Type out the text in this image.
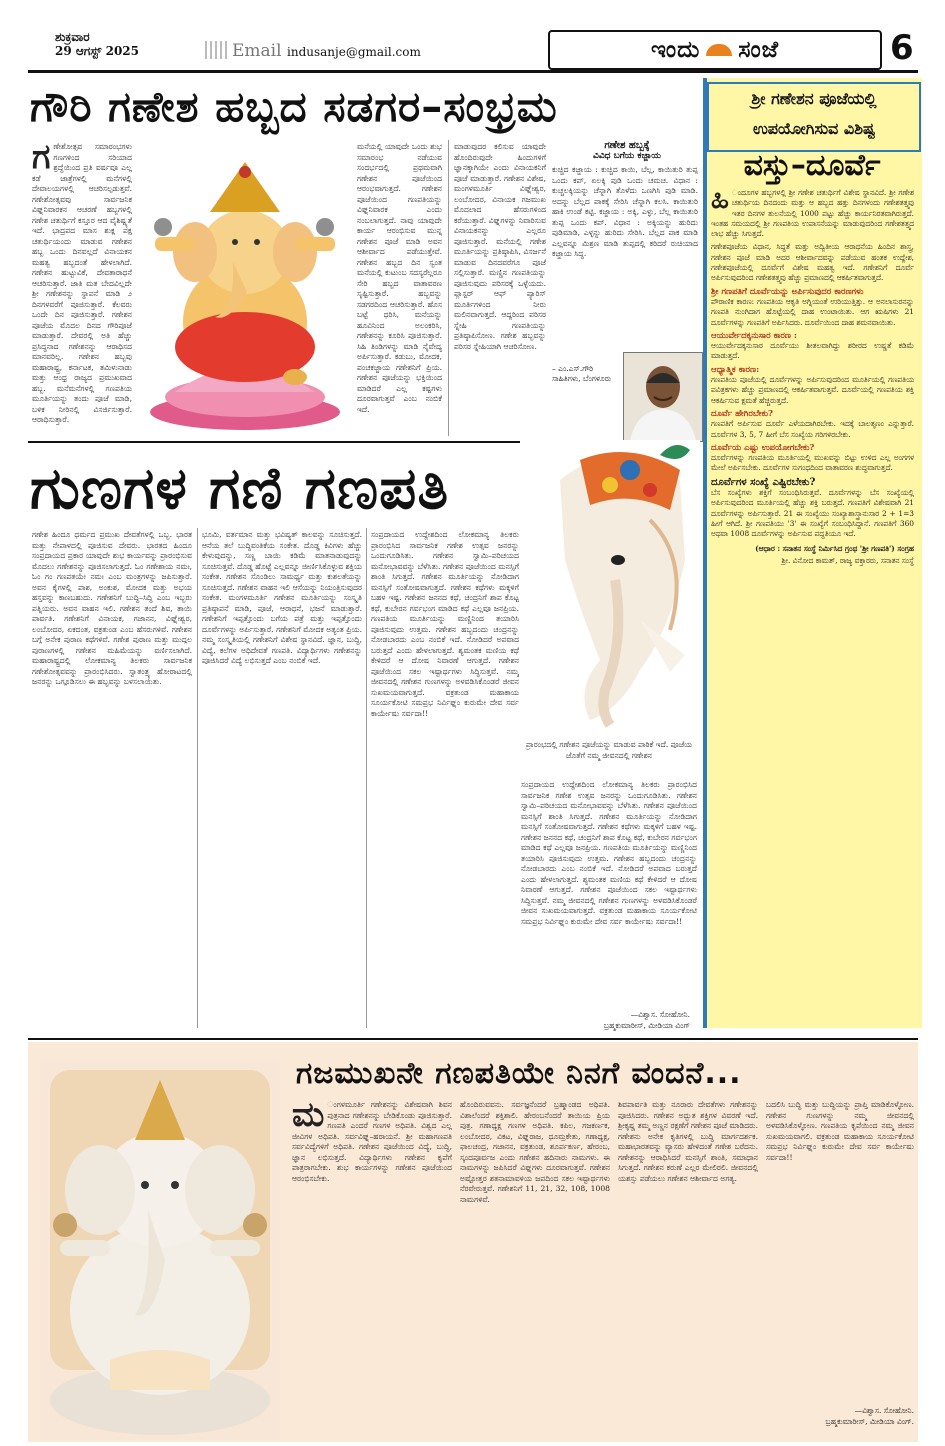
ಶುಕ್ರವಾರ
29 ಆಗಸ್ಟ್ 2025	Email indusanje@gmail.com	ಇಂದು ಸಂಜೆ	6
ಗೌರಿ ಗಣೇಶ ಹಬ್ಬದ ಸಡಗರ–ಸಂಭ್ರಮ
ಗಣೇಶೋತ್ಸವ ಸಮಾರಂಭಗಳು ಗಣಗಳಿಂದ ಸರಿಯಾದ ಶ್ರದ್ಧೆಯಿಂದ ಪ್ರತಿ ವರ್ಷವೂ ಎಲ್ಲ ಕಡೆ ಜಾತ್ರೆಗಳಲ್ಲಿ ಮನೆಗಳಲ್ಲಿ ದೇವಾಲಯಗಳಲ್ಲಿ ಆಚರಿಸಲ್ಪಡುತ್ತವೆ. ಗಣೇಶೋತ್ಸವವು ಸಾರ್ವಜನಿಕ ವಿಘ್ನನಿವಾರಕನ ಆಚರಣೆ ಹಬ್ಬಗಳಲ್ಲಿ ಗಣೇಶ ಚತುರ್ಥಿಗೆ ಕಸ್ತೂರ ಆದ ವೈಶಿಷ್ಟ್ಯತೆ ಇದೆ. ಭಾದ್ರಪದ ಮಾಸ ಶುಕ್ಲ ಪಕ್ಷ ಚತುರ್ಥಿಯಂದು ಮಾಡುವ ಗಣೇಶನ ಹಬ್ಬ ಒಂದು ದಿನವಲ್ಲದೆ ವಿನಾಯಕನ ಮಹತ್ವ ಹಬ್ಬದಂತೆ ಹೇಳಲಾಗಿದೆ. ಗಣೇಶನ ಹುಟ್ಟುವಿಕೆ, ದೇವತಾರಾಧನೆ ಆಚರಿಸುತ್ತಾರೆ. ಜಾತಿ ಮತ ಬೇದವಿಲ್ಲದೇ ಶ್ರೀ ಗಣೇಶನನ್ನು ಸ್ಥಾಪನೆ ಮಾಡಿ ೨ ದಿನಗಳವರೆಗೆ ಪೂಜಿಸುತ್ತಾರೆ. ಕೆಲವರು ಒಂದೇ ದಿನ ಪೂಜಿಸುತ್ತಾರೆ. ಗಣೇಶನ ಪೂಜೆಯ ಮೊದಲ ದಿನದ ಗೌರಿಪೂಜೆ ಮಾಡುತ್ತಾರೆ. ದೇವರಲ್ಲಿ ಅತಿ ಹೆಚ್ಚು ಪ್ರಸಿದ್ಧನಾದ ಗಣೇಶನನ್ನು ಆರಾಧಿಸದ ಮಾನವರಿಲ್ಲ. ಗಣೇಶನ ಹಬ್ಬವು ಮಹಾರಾಷ್ಟ್ರ, ಕರ್ನಾಟಕ, ತಮಿಳುನಾಡು ಮತ್ತು ಆಂಧ್ರ ರಾಜ್ಯದ ಪ್ರಮುಖವಾದ ಹಬ್ಬ. ಮನೆಮನೆಗಳಲ್ಲಿ ಗಣಪತಿಯ ಮೂರ್ತಿಯನ್ನು ತಂದು ಪೂಜೆ ಮಾಡಿ, ಬಳಿಕ ನೀರಿನಲ್ಲಿ ವಿಸರ್ಜಿಸುತ್ತಾರೆ. ಆರಾಧಿಸುತ್ತಾರೆ.
ಮನೆಯಲ್ಲಿ ಯಾವುದೇ ಒಂದು ಶುಭ ಸಮಾರಂಭ ನಡೆಯುವ ಸಂದರ್ಭದಲ್ಲಿ ಪ್ರಥಮವಾಗಿ ಗಣೇಶನ ಪೂಜೆಯಿಂದ ಆರಂಭವಾಗುತ್ತದೆ. ಗಣೇಶನ ಪೂಜೆಯಿಂದ ಗಣಪತಿಯನ್ನು ವಿಘ್ನನಿವಾರಕ ಎಂದು ನಂಬಲಾಗುತ್ತದೆ. ನಾವು ಯಾವುದೇ ಕಾರ್ಯ ಆರಂಭಿಸುವ ಮುನ್ನ ಗಣೇಶನ ಪೂಜೆ ಮಾಡಿ ಅವನ ಆಶೀರ್ವಾದ ಪಡೆಯುತ್ತೇವೆ. ಗಣೇಶನ ಹಬ್ಬದ ದಿನ ಸ್ವಂತ ಮನೆಯಲ್ಲಿ ಕುಟುಂಬ ಸದಸ್ಯರೆಲ್ಲರೂ ಸೇರಿ ಹಬ್ಬದ ವಾತಾವರಣ ಸೃಷ್ಟಿಸುತ್ತಾರೆ. ಹಬ್ಬವನ್ನು ಸಡಗರದಿಂದ ಆಚರಿಸುತ್ತಾರೆ. ಹೊಸ ಬಟ್ಟೆ ಧರಿಸಿ, ಮನೆಯನ್ನು ಹೂವಿನಿಂದ ಅಲಂಕರಿಸಿ, ಗಣೇಶನನ್ನು ಕೂರಿಸಿ ಪೂಜಿಸುತ್ತಾರೆ. ಸಿಹಿ ತಿಂಡಿಗಳನ್ನು ಮಾಡಿ ನೈವೇದ್ಯ ಅರ್ಪಿಸುತ್ತಾರೆ. ಕಡುಬು, ಮೋದಕ, ಪಂಚಕಜ್ಜಾಯ ಗಣೇಶನಿಗೆ ಪ್ರಿಯ. ಗಣೇಶನ ಪೂಜೆಯನ್ನು ಭಕ್ತಿಯಿಂದ ಮಾಡಿದರೆ ಎಲ್ಲ ಕಷ್ಟಗಳು ದೂರವಾಗುತ್ತವೆ ಎಂಬ ನಂಬಿಕೆ ಇದೆ.
ಮಾಡುವುದರ ಕಲಿಸುವ ಯಾವುದೇ ಹೊಂದಿರುವುದೇ ಹಿಂದುಗಳಿಗೆ ಜ್ಞಾನಕ್ಕಾಗಿಯೇ ಎಂದು ವಿನಾಯಕನಿಗೆ ಪೂಜೆ ಮಾಡುತ್ತಾರೆ. ಗಣೇಶನ ವಿಶೇಷ, ಮಂಗಳಮೂರ್ತಿ ವಿಘ್ನೇಶ್ವರ, ಲಂಬೋದರ, ವಿನಾಯಕ ಗಜಮುಖ ಮೊದಲಾದ ಹೆಸರುಗಳಿಂದ ಕರೆಯುತ್ತಾರೆ. ವಿಘ್ನಗಳನ್ನು ನಿವಾರಿಸುವ ವಿನಾಯಕನನ್ನು ಎಲ್ಲರೂ ಪೂಜಿಸುತ್ತಾರೆ. ಮನೆಯಲ್ಲಿ ಗಣೇಶ ಮೂರ್ತಿಯನ್ನು ಪ್ರತಿಷ್ಠಾಪಿಸಿ, ವಿಸರ್ಜನೆ ಮಾಡುವ ದಿನದವರೆಗೂ ಪೂಜೆ ಸಲ್ಲಿಸುತ್ತಾರೆ. ಮಣ್ಣಿನ ಗಣಪತಿಯನ್ನು ಪೂಜಿಸುವುದು ಪರಿಸರಕ್ಕೆ ಒಳ್ಳೆಯದು. ಪ್ಲಾಸ್ಟರ್ ಆಫ್ ಪ್ಯಾರಿಸ್ ಮೂರ್ತಿಗಳಿಂದ ನೀರು ಮಲಿನವಾಗುತ್ತದೆ. ಆದ್ದರಿಂದ ಪರಿಸರ ಸ್ನೇಹಿ ಗಣಪತಿಯನ್ನು ಪ್ರತಿಷ್ಠಾಪಿಸೋಣ. ಗಣೇಶ ಹಬ್ಬವನ್ನು ಪರಿಸರ ಸ್ನೇಹಿಯಾಗಿ ಆಚರಿಸೋಣ.
ಗಣೇಶ ಹಬ್ಬಕ್ಕೆ
ವಿವಿಧ ಬಗೆಯ ಕಜ್ಜಾಯ
ಕುಚ್ಚಿದ ಕಜ್ಜಾಯ : ಕುಚ್ಚಿದ ಕಾಯಿ, ಬೆಲ್ಲ, ಕಾಯಿತುರಿ ತುಪ್ಪ ಒಂದು ಕಪ್, ಏಲಕ್ಕಿ ಪುಡಿ ಒಂದು ಚಮಚ. ವಿಧಾನ : ಕುಚ್ಚಲಕ್ಕಿಯನ್ನು ಚೆನ್ನಾಗಿ ತೊಳೆದು ಒಣಗಿಸಿ ಪುಡಿ ಮಾಡಿ. ಅದನ್ನು ಬೆಲ್ಲದ ಪಾಕಕ್ಕೆ ಸೇರಿಸಿ ಚೆನ್ನಾಗಿ ಕಲಸಿ. ಕಾಯಿತುರಿ ಹಾಕಿ ಉಂಡೆ ಕಟ್ಟಿ. ಕಜ್ಜಾಯ : ಅಕ್ಕಿ, ಎಳ್ಳು, ಬೆಲ್ಲ ಕಾಯಿತುರಿ ತುಪ್ಪ ಒಂದು ಕಪ್. ವಿಧಾನ : ಅಕ್ಕಿಯನ್ನು ಹುರಿದು ಪುಡಿಮಾಡಿ, ಎಳ್ಳನ್ನು ಹುರಿದು ಸೇರಿಸಿ. ಬೆಲ್ಲದ ಪಾಕ ಮಾಡಿ ಎಲ್ಲವನ್ನೂ ಮಿಶ್ರಣ ಮಾಡಿ ತುಪ್ಪದಲ್ಲಿ ಕರಿದರೆ ರುಚಿಯಾದ ಕಜ್ಜಾಯ ಸಿದ್ಧ.
– ಎಂ.ಎಸ್.ಗೌರಿ
ಸಾಹಿತಿಗಳು, ಬೆಂಗಳೂರು
ಗುಣಗಳ ಗಣಿ ಗಣಪತಿ
ಗಣೇಶ ಹಿಂದೂ ಧರ್ಮದ ಪ್ರಮುಖ ದೇವತೆಗಳಲ್ಲಿ ಒಬ್ಬ. ಭಾರತ ಮತ್ತು ನೇಪಾಳದಲ್ಲಿ ಪೂಜಿಸುವ ದೇವರು. ಭಾರತದ ಹಿಂದೂ ಸಂಪ್ರದಾಯದ ಪ್ರಕಾರ ಯಾವುದೇ ಶುಭ ಕಾರ್ಯವನ್ನು ಪ್ರಾರಂಭಿಸುವ ಮೊದಲು ಗಣೇಶನನ್ನು ಪೂಜಿಸಲಾಗುತ್ತದೆ. ಓಂ ಗಣೇಶಾಯ ನಮಃ, ಓಂ ಗಂ ಗಣಪತಯೇ ನಮಃ ಎಂಬ ಮಂತ್ರಗಳನ್ನು ಜಪಿಸುತ್ತಾರೆ. ಅವನ ಕೈಗಳಲ್ಲಿ ಪಾಶ, ಅಂಕುಶ, ಮೋದಕ ಮತ್ತು ಅಭಯ ಹಸ್ತವನ್ನು ಕಾಣಬಹುದು. ಗಣೇಶನಿಗೆ ಬುದ್ಧಿ–ಸಿದ್ಧಿ ಎಂಬ ಇಬ್ಬರು ಪತ್ನಿಯರು. ಅವನ ವಾಹನ ಇಲಿ. ಗಣೇಶನ ತಂದೆ ಶಿವ, ತಾಯಿ ಪಾರ್ವತಿ. ಗಣೇಶನಿಗೆ ವಿನಾಯಕ, ಗಜಾನನ, ವಿಘ್ನೇಶ್ವರ, ಲಂಬೋದರ, ಏಕದಂತ, ವಕ್ರತುಂಡ ಎಂಬ ಹೆಸರುಗಳಿವೆ. ಗಣೇಶನ ಬಗ್ಗೆ ಅನೇಕ ಪುರಾಣ ಕಥೆಗಳಿವೆ. ಗಣೇಶ ಪುರಾಣ ಮತ್ತು ಮುದ್ಗಲ ಪುರಾಣಗಳಲ್ಲಿ ಗಣೇಶನ ಮಹಿಮೆಯನ್ನು ವರ್ಣಿಸಲಾಗಿದೆ. ಮಹಾರಾಷ್ಟ್ರದಲ್ಲಿ ಲೋಕಮಾನ್ಯ ತಿಲಕರು ಸಾರ್ವಜನಿಕ ಗಣೇಶೋತ್ಸವವನ್ನು ಪ್ರಾರಂಭಿಸಿದರು. ಸ್ವಾತಂತ್ರ್ಯ ಹೋರಾಟದಲ್ಲಿ ಜನರನ್ನು ಒಗ್ಗೂಡಿಸಲು ಈ ಹಬ್ಬವನ್ನು ಬಳಸಲಾಯಿತು.
ಭೂಮಿ, ವರ್ತಮಾನ ಮತ್ತು ಭವಿಷ್ಯತ್ ಕಾಲವನ್ನು ಸೂಚಿಸುತ್ತದೆ. ಆನೆಯ ತಲೆ ಬುದ್ಧಿವಂತಿಕೆಯ ಸಂಕೇತ. ದೊಡ್ಡ ಕಿವಿಗಳು ಹೆಚ್ಚು ಕೇಳುವುದನ್ನು, ಸಣ್ಣ ಬಾಯಿ ಕಡಿಮೆ ಮಾತನಾಡುವುದನ್ನು ಸೂಚಿಸುತ್ತವೆ. ದೊಡ್ಡ ಹೊಟ್ಟೆ ಎಲ್ಲವನ್ನೂ ಜೀರ್ಣಿಸಿಕೊಳ್ಳುವ ಶಕ್ತಿಯ ಸಂಕೇತ. ಗಣೇಶನ ಸೊಂಡಿಲು ಸಾಮರ್ಥ್ಯ ಮತ್ತು ಕುಶಲತೆಯನ್ನು ಸೂಚಿಸುತ್ತದೆ. ಗಣೇಶನ ವಾಹನ ಇಲಿ ಆಸೆಯನ್ನು ನಿಯಂತ್ರಿಸುವುದರ ಸಂಕೇತ. ಮಂಗಳಮೂರ್ತಿ ಗಣೇಶನ ಮೂರ್ತಿಯನ್ನು ಸಂಸ್ಕೃತಿ ಪ್ರತಿಷ್ಠಾಪನೆ ಮಾಡಿ, ಪೂಜೆ, ಆರಾಧನೆ, ಭಜನೆ ಮಾಡುತ್ತಾರೆ. ಗಣೇಶನಿಗೆ ಇಪ್ಪತ್ತೊಂದು ಬಗೆಯ ಪತ್ರೆ ಮತ್ತು ಇಪ್ಪತ್ತೊಂದು ದೂರ್ವೆಗಳನ್ನು ಅರ್ಪಿಸುತ್ತಾರೆ. ಗಣೇಶನಿಗೆ ಮೋದಕ ಅತ್ಯಂತ ಪ್ರಿಯ. ನಮ್ಮ ಸಂಸ್ಕೃತಿಯಲ್ಲಿ ಗಣೇಶನಿಗೆ ವಿಶೇಷ ಸ್ಥಾನವಿದೆ. ಜ್ಞಾನ, ಬುದ್ಧಿ, ವಿದ್ಯೆ, ಕಲೆಗಳ ಅಧಿದೇವತೆ ಗಣಪತಿ. ವಿದ್ಯಾರ್ಥಿಗಳು ಗಣೇಶನನ್ನು ಪೂಜಿಸಿದರೆ ವಿದ್ಯೆ ಲಭಿಸುತ್ತದೆ ಎಂಬ ನಂಬಿಕೆ ಇದೆ.
ಸಂಪ್ರದಾಯದ ಉದ್ದೇಶದಿಂದ ಲೋಕಮಾನ್ಯ ತಿಲಕರು ಪ್ರಾರಂಭಿಸಿದ ಸಾರ್ವಜನಿಕ ಗಣೇಶ ಉತ್ಸವ ಜನರನ್ನು ಒಂದುಗೂಡಿಸಿತು. ಗಣೇಶನ ಸ್ವಾಮಿ–ಪರಿಚಯದ ಮನೋಭಾವವನ್ನು ಬೆಳೆಸಿತು. ಗಣೇಶನ ಪೂಜೆಯಿಂದ ಮನಸ್ಸಿಗೆ ಶಾಂತಿ ಸಿಗುತ್ತದೆ. ಗಣೇಶನ ಮೂರ್ತಿಯನ್ನು ನೋಡಿದಾಗ ಮನಸ್ಸಿಗೆ ಸಂತೋಷವಾಗುತ್ತದೆ. ಗಣೇಶನ ಕಥೆಗಳು ಮಕ್ಕಳಿಗೆ ಬಹಳ ಇಷ್ಟ. ಗಣೇಶನ ಜನನದ ಕಥೆ, ಚಂದ್ರನಿಗೆ ಶಾಪ ಕೊಟ್ಟ ಕಥೆ, ಕುಬೇರನ ಗರ್ವಭಂಗ ಮಾಡಿದ ಕಥೆ ಎಲ್ಲವೂ ಜನಪ್ರಿಯ. ಗಣಪತಿಯ ಮೂರ್ತಿಯನ್ನು ಮಣ್ಣಿನಿಂದ ತಯಾರಿಸಿ ಪೂಜಿಸುವುದು ಉತ್ತಮ. ಗಣೇಶನ ಹಬ್ಬದಂದು ಚಂದ್ರನನ್ನು ನೋಡಬಾರದು ಎಂಬ ನಂಬಿಕೆ ಇದೆ. ನೋಡಿದರೆ ಅಪವಾದ ಬರುತ್ತದೆ ಎಂದು ಹೇಳಲಾಗುತ್ತದೆ. ಶ್ಯಮಂತಕ ಮಣಿಯ ಕಥೆ ಕೇಳಿದರೆ ಆ ದೋಷ ನಿವಾರಣೆ ಆಗುತ್ತದೆ. ಗಣೇಶನ ಪೂಜೆಯಿಂದ ಸಕಲ ಇಷ್ಟಾರ್ಥಗಳು ಸಿದ್ಧಿಸುತ್ತವೆ. ನಮ್ಮ ಜೀವನದಲ್ಲಿ ಗಣೇಶನ ಗುಣಗಳನ್ನು ಅಳವಡಿಸಿಕೊಂಡರೆ ಜೀವನ ಸುಖಮಯವಾಗುತ್ತದೆ. ವಕ್ರತುಂಡ ಮಹಾಕಾಯ ಸೂರ್ಯಕೋಟಿ ಸಮಪ್ರಭ ನಿರ್ವಿಘ್ನಂ ಕುರುಮೇ ದೇವ ಸರ್ವ ಕಾರ್ಯೇಷು ಸರ್ವದಾ!!
ಪ್ರಾರಂಭದಲ್ಲಿ ಗಣೇಶನ ಪೂಜೆಯನ್ನು ಮಾಡುವ ಪಾಠಿಕೆ ಇದೆ. ಪೂಜೆಯ ಜೊತೆಗೆ ನಮ್ಮ ಜೀವನದಲ್ಲಿ ಗಣೇಶನ
ಸಂಪ್ರದಾಯದ ಉದ್ದೇಶದಿಂದ ಲೋಕಮಾನ್ಯ ತಿಲಕರು ಪ್ರಾರಂಭಿಸಿದ ಸಾರ್ವಜನಿಕ ಗಣೇಶ ಉತ್ಸವ ಜನರನ್ನು ಒಂದುಗೂಡಿಸಿತು. ಗಣೇಶನ ಸ್ವಾಮಿ–ಪರಿಚಯದ ಮನೋಭಾವವನ್ನು ಬೆಳೆಸಿತು. ಗಣೇಶನ ಪೂಜೆಯಿಂದ ಮನಸ್ಸಿಗೆ ಶಾಂತಿ ಸಿಗುತ್ತದೆ. ಗಣೇಶನ ಮೂರ್ತಿಯನ್ನು ನೋಡಿದಾಗ ಮನಸ್ಸಿಗೆ ಸಂತೋಷವಾಗುತ್ತದೆ. ಗಣೇಶನ ಕಥೆಗಳು ಮಕ್ಕಳಿಗೆ ಬಹಳ ಇಷ್ಟ. ಗಣೇಶನ ಜನನದ ಕಥೆ, ಚಂದ್ರನಿಗೆ ಶಾಪ ಕೊಟ್ಟ ಕಥೆ, ಕುಬೇರನ ಗರ್ವಭಂಗ ಮಾಡಿದ ಕಥೆ ಎಲ್ಲವೂ ಜನಪ್ರಿಯ. ಗಣಪತಿಯ ಮೂರ್ತಿಯನ್ನು ಮಣ್ಣಿನಿಂದ ತಯಾರಿಸಿ ಪೂಜಿಸುವುದು ಉತ್ತಮ. ಗಣೇಶನ ಹಬ್ಬದಂದು ಚಂದ್ರನನ್ನು ನೋಡಬಾರದು ಎಂಬ ನಂಬಿಕೆ ಇದೆ. ನೋಡಿದರೆ ಅಪವಾದ ಬರುತ್ತದೆ ಎಂದು ಹೇಳಲಾಗುತ್ತದೆ. ಶ್ಯಮಂತಕ ಮಣಿಯ ಕಥೆ ಕೇಳಿದರೆ ಆ ದೋಷ ನಿವಾರಣೆ ಆಗುತ್ತದೆ. ಗಣೇಶನ ಪೂಜೆಯಿಂದ ಸಕಲ ಇಷ್ಟಾರ್ಥಗಳು ಸಿದ್ಧಿಸುತ್ತವೆ. ನಮ್ಮ ಜೀವನದಲ್ಲಿ ಗಣೇಶನ ಗುಣಗಳನ್ನು ಅಳವಡಿಸಿಕೊಂಡರೆ ಜೀವನ ಸುಖಮಯವಾಗುತ್ತದೆ. ವಕ್ರತುಂಡ ಮಹಾಕಾಯ ಸೂರ್ಯಕೋಟಿ ಸಮಪ್ರಭ ನಿರ್ವಿಘ್ನಂ ಕುರುಮೇ ದೇವ ಸರ್ವ ಕಾರ್ಯೇಷು ಸರ್ವದಾ!!
—ವಿಶ್ವಾಸ. ಸೋಹೋನಿ.
ಬ್ರಹ್ಮಕುಮಾರೀಸ್, ಮೀಡಿಯಾ ವಿಂಗ್
ಶ್ರೀ ಗಣೇಶನ ಪೂಜೆಯಲ್ಲಿ
ಉಪಯೋಗಿಸುವ ವಿಶಿಷ್ಟ
ವಸ್ತು–ದೂರ್ವೆ
ಹಿ ಂದೂಗಳ ಹಬ್ಬಗಳಲ್ಲಿ ಶ್ರೀ ಗಣೇಶ ಚತುರ್ಥಿಗೆ ವಿಶೇಷ ಸ್ಥಾನವಿದೆ. ಶ್ರೀ ಗಣೇಶ ಚತುರ್ಥಿಯ ದಿನದಂದು ಮತ್ತು ಆ ಹಬ್ಬದ ಹತ್ತು ದಿನಗಳಂದು ಗಣೇಶತತ್ತ್ವವು ಇತರ ದಿನಗಳ ತುಲನೆಯಲ್ಲಿ 1000 ಪಟ್ಟು ಹೆಚ್ಚು ಕಾರ್ಯನಿರತವಾಗಿರುತ್ತದೆ. ಇಂತಹ ಸಮಯದಲ್ಲಿ ಶ್ರೀ ಗಣಪತಿಯ ಉಪಾಸನೆಯನ್ನು ಮಾಡುವುದರಿಂದ ಗಣೇಶತತ್ತ್ವದ ಲಾಭ ಹೆಚ್ಚು ಸಿಗುತ್ತದೆ.
ಗಣೇಶಪೂಜೆಯ ವಿಧಾನ, ಸಿದ್ಧತೆ ಮತ್ತು ಅದ್ವಿತೀಯ ಆರಾಧನೆಯ ಹಿಂದಿನ ಶಾಸ್ತ್ರ, ಗಣೇಶನ ಪೂಜೆ ಮಾಡಿ ಅದರ ಆಶೀರ್ವಾದವನ್ನು ಪಡೆಯುವ ಹಂತಕ ಉದ್ದೇಶ, ಗಣೇಶಪೂಜೆಯಲ್ಲಿ ದೂರ್ವೆಗೆ ವಿಶೇಷ ಮಹತ್ವ ಇದೆ. ಗಣೇಶನಿಗೆ ದೂರ್ವೆ ಅರ್ಪಿಸುವುದರಿಂದ ಗಣೇಶತತ್ತ್ವವು ಹೆಚ್ಚು ಪ್ರಮಾಣದಲ್ಲಿ ಆಕರ್ಷಿತವಾಗುತ್ತದೆ.
ಶ್ರೀ ಗಣಪತಿಗೆ ದೂರ್ವೆಯನ್ನು ಅರ್ಪಿಸುವುದರ ಕಾರಣಗಳು
ಪೌರಾಣಿಕ ಕಾರಣ: ಗಣಪತಿಯ ಆಕೃತಿ ಅಗ್ನಿಯಂತೆ ಉರಿಯುತ್ತಿತ್ತು. ಆ ಅನಲಾಸುರನನ್ನು ಗಣಪತಿ ನುಂಗಿದಾಗ ಹೊಟ್ಟೆಯಲ್ಲಿ ದಾಹ ಉಂಟಾಯಿತು. ಆಗ ಋಷಿಗಳು 21 ದೂರ್ವೆಗಳನ್ನು ಗಣಪತಿಗೆ ಅರ್ಪಿಸಿದರು. ದೂರ್ವೆಯಿಂದ ದಾಹ ಶಮನವಾಯಿತು.
ಆಯುರ್ವೇದಕ್ಕನುಸಾರ ಕಾರಣ :
ಆಯುರ್ವೇದಕ್ಕನುಸಾರ ದೂರ್ವೆಯು ಶೀತಲವಾಗಿದ್ದು ಶರೀರದ ಉಷ್ಣತೆ ಕಡಿಮೆ ಮಾಡುತ್ತದೆ.
ಆಧ್ಯಾತ್ಮಿಕ ಕಾರಣ:
ಗಣಪತಿಯ ಪೂಜೆಯಲ್ಲಿ ದೂರ್ವೆಗಳನ್ನು ಅರ್ಪಿಸುವುದರಿಂದ ಮೂರ್ತಿಯಲ್ಲಿ ಗಣಪತಿಯ ಪವಿತ್ರಕಗಳು ಹೆಚ್ಚು ಪ್ರಮಾಣದಲ್ಲಿ ಆಕರ್ಷಿತವಾಗುತ್ತವೆ. ದೂರ್ವೆಯಲ್ಲಿ ಗಣಪತಿಯ ಶಕ್ತಿ ಆಕರ್ಷಿಸುವ ಕ್ಷಮತೆ ಹೆಚ್ಚಿರುತ್ತದೆ.
ದೂರ್ವೆ ಹೇಗಿರಬೇಕು?
ಗಣಪತಿಗೆ ಅರ್ಪಿಸುವ ದೂರ್ವೆ ಎಳೆಯದಾಗಿರಬೇಕು. ಇದಕ್ಕೆ ಬಾಲತೃಣಂ ಎನ್ನುತ್ತಾರೆ. ದೂರ್ವೆಗಳ 3, 5, 7 ಹೀಗೆ ಬೆಸ ಸಂಖ್ಯೆಯ ಗರಿಗಳಿರಬೇಕು.
ದೂರ್ವೆಯ ಎಷ್ಟು ಉಪಯೋಗಬೇಕು?
ದೂರ್ವೆಗಳನ್ನು ಗಣಪತಿಯ ಮೂರ್ತಿಯಲ್ಲಿ ಮುಖವನ್ನು ಬಿಟ್ಟು ಉಳಿದ ಎಲ್ಲ ಅಂಗಗಳ ಮೇಲೆ ಅರ್ಪಿಸಬೇಕು. ದೂರ್ವೆಗಳ ಸುಗಂಧದಿಂದ ವಾತಾವರಣ ಶುದ್ಧವಾಗುತ್ತದೆ.
ದೂರ್ವೆಗಳ ಸಂಖ್ಯೆ ಎಷ್ಟಿರಬೇಕು?
ಬೆಸ ಸಂಖ್ಯೆಗಳು ಶಕ್ತಿಗೆ ಸಂಬಂಧಿಸಿರುತ್ತವೆ. ದೂರ್ವೆಗಳನ್ನು ಬೆಸ ಸಂಖ್ಯೆಯಲ್ಲಿ ಅರ್ಪಿಸುವುದರಿಂದ ಮೂರ್ತಿಯಲ್ಲಿ ಹೆಚ್ಚು ಶಕ್ತಿ ಬರುತ್ತದೆ. ಗಣಪತಿಗೆ ವಿಶೇಷವಾಗಿ 21 ದೂರ್ವೆಗಳನ್ನು ಅರ್ಪಿಸುತ್ತಾರೆ. 21 ಈ ಸಂಖ್ಯೆಯು ಸಂಖ್ಯಾಶಾಸ್ತ್ರಾನುಸಾರ 2 + 1=3 ಹೀಗೆ ಆಗಿದೆ. ಶ್ರೀ ಗಣಪತಿಯು '3' ಈ ಸಂಖ್ಯೆಗೆ ಸಂಬಂಧಿಸಿದ್ದಾನೆ. ಗಣಪತಿಗೆ 360 ಅಥವಾ 1008 ದೂರ್ವೆಗಳನ್ನು ಅರ್ಪಿಸುವ ಪದ್ಧತಿಯೂ ಇದೆ.
(ಆಧಾರ : ಸನಾತನ ಸಂಸ್ಥೆ ನಿರ್ಮಿಸಿದ ಗ್ರಂಥ 'ಶ್ರೀ ಗಣಪತಿ') ಸಂಗ್ರಹ
ಶ್ರೀ. ವಿನೋದ ಕಾಮತ್, ರಾಜ್ಯ ವಕ್ತಾರರು, ಸನಾತನ ಸಂಸ್ಥೆ
ಗಜಮುಖನೇ ಗಣಪತಿಯೇ ನಿನಗೆ ವಂದನೆ...
ಮ ಂಗಳಮೂರ್ತಿ ಗಣೇಶನನ್ನು ವಿಶೇಷವಾಗಿ ಶಿವನ ಪುತ್ರನಾದ ಗಣೇಶನನ್ನು ಬೇಡಿಕೊಂಡು ಪೂಜಿಸುತ್ತಾರೆ. ಗಣಪತಿ ಎಂದರೆ ಗಣಗಳ ಅಧಿಪತಿ. ವಿಶ್ವದ ಎಲ್ಲ ಜೀವಿಗಳ ಅಧಿಪತಿ. ಸರ್ವವಿಘ್ನ–ಹರಾಯನೆ. ಶ್ರೀ ಮಹಾಗಣಪತಿ ಸರ್ವವಿದ್ಯೆಗಳಿಗೆ ಅಧಿಪತಿ. ಗಣೇಶನ ಪೂಜೆಯಿಂದ ವಿದ್ಯೆ, ಬುದ್ಧಿ, ಜ್ಞಾನ ಲಭಿಸುತ್ತದೆ. ವಿದ್ಯಾರ್ಥಿಗಳು ಗಣೇಶನ ಕೃಪೆಗೆ ಪಾತ್ರರಾಗಬೇಕು. ಶುಭ ಕಾರ್ಯಗಳನ್ನು ಗಣೇಶನ ಪೂಜೆಯಿಂದ ಆರಂಭಿಸಬೇಕು.
ಹೊಂದಿರುವವನು. ಸರ್ವಜ್ಞನೆಂದರೆ ಬ್ರಹ್ಮಾಂಡದ ಅಧಿಪತಿ. ವಿಶಾಲೆಂದರೆ ಶಕ್ತಿಶಾಲಿ. ಹೇರಂಬನೆಂದರೆ ತಾಯಿಯ ಪ್ರಿಯ ಪುತ್ರ. ಗಣಾಧ್ಯಕ್ಷ ಗಣಗಳ ಅಧಿಪತಿ. ಕಪಿಲ, ಗಜಕರ್ಣಕ, ಲಂಬೋದರ, ವಿಕಟ, ವಿಘ್ನರಾಜ, ಧೂಮ್ರಕೇತು, ಗಣಾಧ್ಯಕ್ಷ, ಫಾಲಚಂದ್ರ, ಗಜಾನನ, ವಕ್ರತುಂಡ, ಶೂರ್ಪಕರ್ಣ, ಹೇರಂಬ, ಸ್ಕಂದಪೂರ್ವಜ ಎಂದು ಗಣೇಶನ ಹದಿನಾರು ನಾಮಗಳು. ಈ ನಾಮಗಳನ್ನು ಜಪಿಸಿದರೆ ವಿಘ್ನಗಳು ದೂರವಾಗುತ್ತವೆ. ಗಣೇಶನ ಅಷ್ಟೋತ್ತರ ಶತನಾಮಾವಳಿಯ ಜಪದಿಂದ ಸಕಲ ಇಷ್ಟಾರ್ಥಗಳು ನೆರವೇರುತ್ತವೆ. ಗಣೇಶನಿಗೆ 11, 21, 32, 108, 1008 ನಾಮಗಳಿವೆ.
ಶಿವಪಾರ್ವತಿ ಮತ್ತು ನೂರಾರು ದೇವತೆಗಳು ಗಣೇಶನನ್ನು ಪೂಜಿಸಿದರು. ಗಣೇಶನ ಅದ್ಭುತ ಶಕ್ತಿಗಳ ವಿವರಣೆ ಇದೆ. ಶ್ರೀಕೃಷ್ಣ ತಮ್ಮ ಅಣ್ಣನ ರಕ್ಷಣೆಗೆ ಗಣೇಶನ ಪೂಜೆ ಮಾಡಿದರು. ಗಣೇಶನು ಅನೇಕ ಕೃತಿಗಳಲ್ಲಿ ಬುದ್ಧಿ ಮಾರ್ಗದರ್ಶಕ. ಮಹಾಭಾರತವನ್ನು ವ್ಯಾಸರು ಹೇಳಿದಂತೆ ಗಣೇಶ ಬರೆದನು. ಗಣೇಶನನ್ನು ಆರಾಧಿಸಿದರೆ ಮನಸ್ಸಿಗೆ ಶಾಂತಿ, ಸಮಾಧಾನ ಸಿಗುತ್ತದೆ. ಗಣೇಶನ ಕರುಣೆ ಎಲ್ಲರ ಮೇಲಿರಲಿ. ಜೀವನದಲ್ಲಿ ಯಶಸ್ಸು ಪಡೆಯಲು ಗಣೇಶನ ಆಶೀರ್ವಾದ ಅಗತ್ಯ.
ಬದಲಿಸಿ ಬುದ್ಧಿ ಮತ್ತು ಬುದ್ಧಿಯನ್ನು ಪ್ರಾಪ್ತಿ ಮಾಡಿಕೊಳ್ಳೋಣ. ಗಣೇಶನ ಗುಣಗಳನ್ನು ನಮ್ಮ ಜೀವನದಲ್ಲಿ ಅಳವಡಿಸಿಕೊಳ್ಳೋಣ. ಗಣಪತಿಯ ಕೃಪೆಯಿಂದ ನಮ್ಮ ಜೀವನ ಸುಖಮಯವಾಗಲಿ. ವಕ್ರತುಂಡ ಮಹಾಕಾಯ ಸೂರ್ಯಕೋಟಿ ಸಮಪ್ರಭ ನಿರ್ವಿಘ್ನಂ ಕುರುಮೇ ದೇವ ಸರ್ವ ಕಾರ್ಯೇಷು ಸರ್ವದಾ!!
—ವಿಶ್ವಾಸ. ಸೋಹೋನಿ.
ಬ್ರಹ್ಮಕುಮಾರೀಸ್, ಮೀಡಿಯಾ ವಿಂಗ್.
